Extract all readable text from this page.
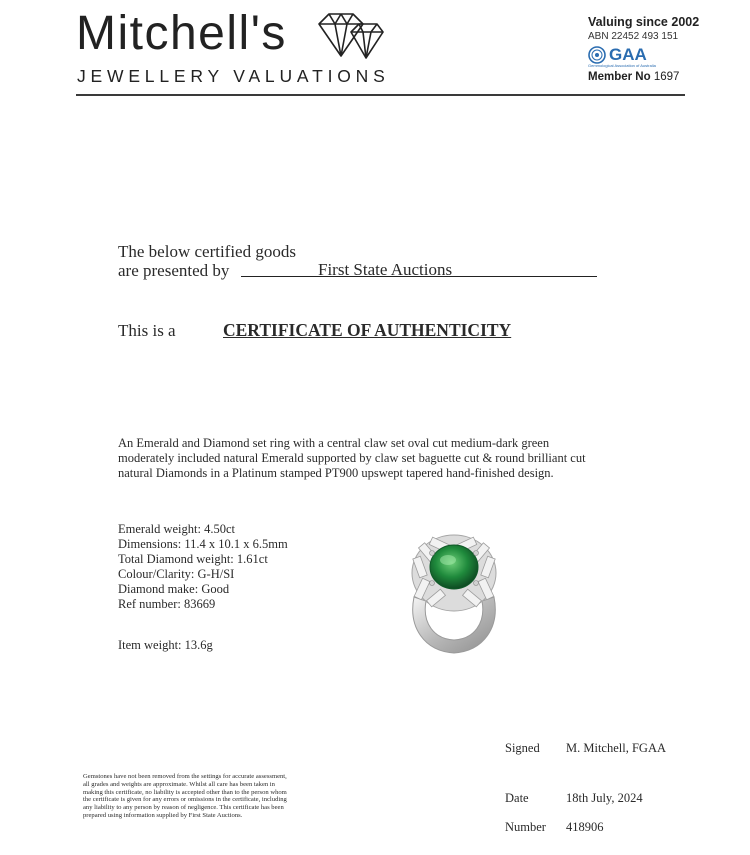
Mitchell's
JEWELLERY VALUATIONS
Valuing since 2002
ABN 22452 493 151
GAA
Gemmological Association of Australia
Member No 1697
The below certified goods
are presented by	First State Auctions
This is a	CERTIFICATE OF AUTHENTICITY
An Emerald and Diamond set ring with a central claw set oval cut medium-dark green moderately included natural Emerald supported by claw set baguette cut & round brilliant cut natural Diamonds in a Platinum stamped PT900 upswept tapered hand-finished design.
Emerald weight: 4.50ct
Dimensions: 11.4 x 10.1 x 6.5mm
Total Diamond weight: 1.61ct
Colour/Clarity: G-H/SI
Diamond make: Good
Ref number: 83669
Item weight: 13.6g
Signed M. Mitchell, FGAA
Date	18th July, 2024
Number 418906
Gemstones have not been removed from the settings for accurate assessment, all grades and weights are approximate. Whilst all care has been taken in making this certificate, no liability is accepted other than to the person whom the certificate is given for any errors or omissions in the certificate, including any liability to any person by reason of negligence. This certificate has been prepared using information supplied by First State Auctions.
